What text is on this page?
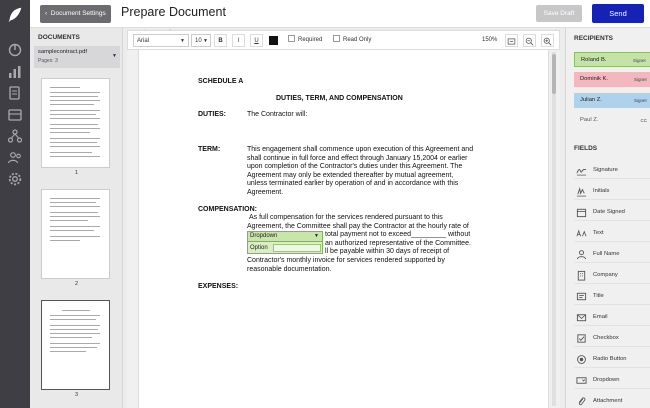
‹  Document Settings	Prepare Document	Save Draft	Send
DOCUMENTS
samplecontract.pdf
Pages: 3
▼
1
2
3
Arial	▼	10 ▼	B	I	U	Required	Read Only	150%
SCHEDULE A
DUTIES, TERM, AND COMPENSATION
DUTIES:	The Contractor will:
TERM:	This engagement shall commence upon execution of this Agreement and
shall continue in full force and effect through January 15,2004 or earlier
upon completion of the Contractor's duties under this Agreement. The
Agreement may only be extended thereafter by mutual agreement,
unless terminated earlier by operation of and in accordance with this
Agreement.
COMPENSATION:
As full compensation for the services rendered pursuant to this
Agreement, the Committee shall pay the Contractor at the hourly rate of
total payment not to exceed_________ without
an authorized representative of the Committee.
ll be payable within 30 days of receipt of
Contractor's monthly invoice for services rendered supported by
reasonable documentation.
EXPENSES:
Dropdown	▼
Option
RECIPIENTS
Roland B.	Signer
Dominik K.	Signer
Julian Z.	Signer
Paul Z.	CC
FIELDS
Signature
Initials
Date Signed
Text
Full Name
Company
Title
Email
Checkbox
Radio Button
Dropdown
Attachment
